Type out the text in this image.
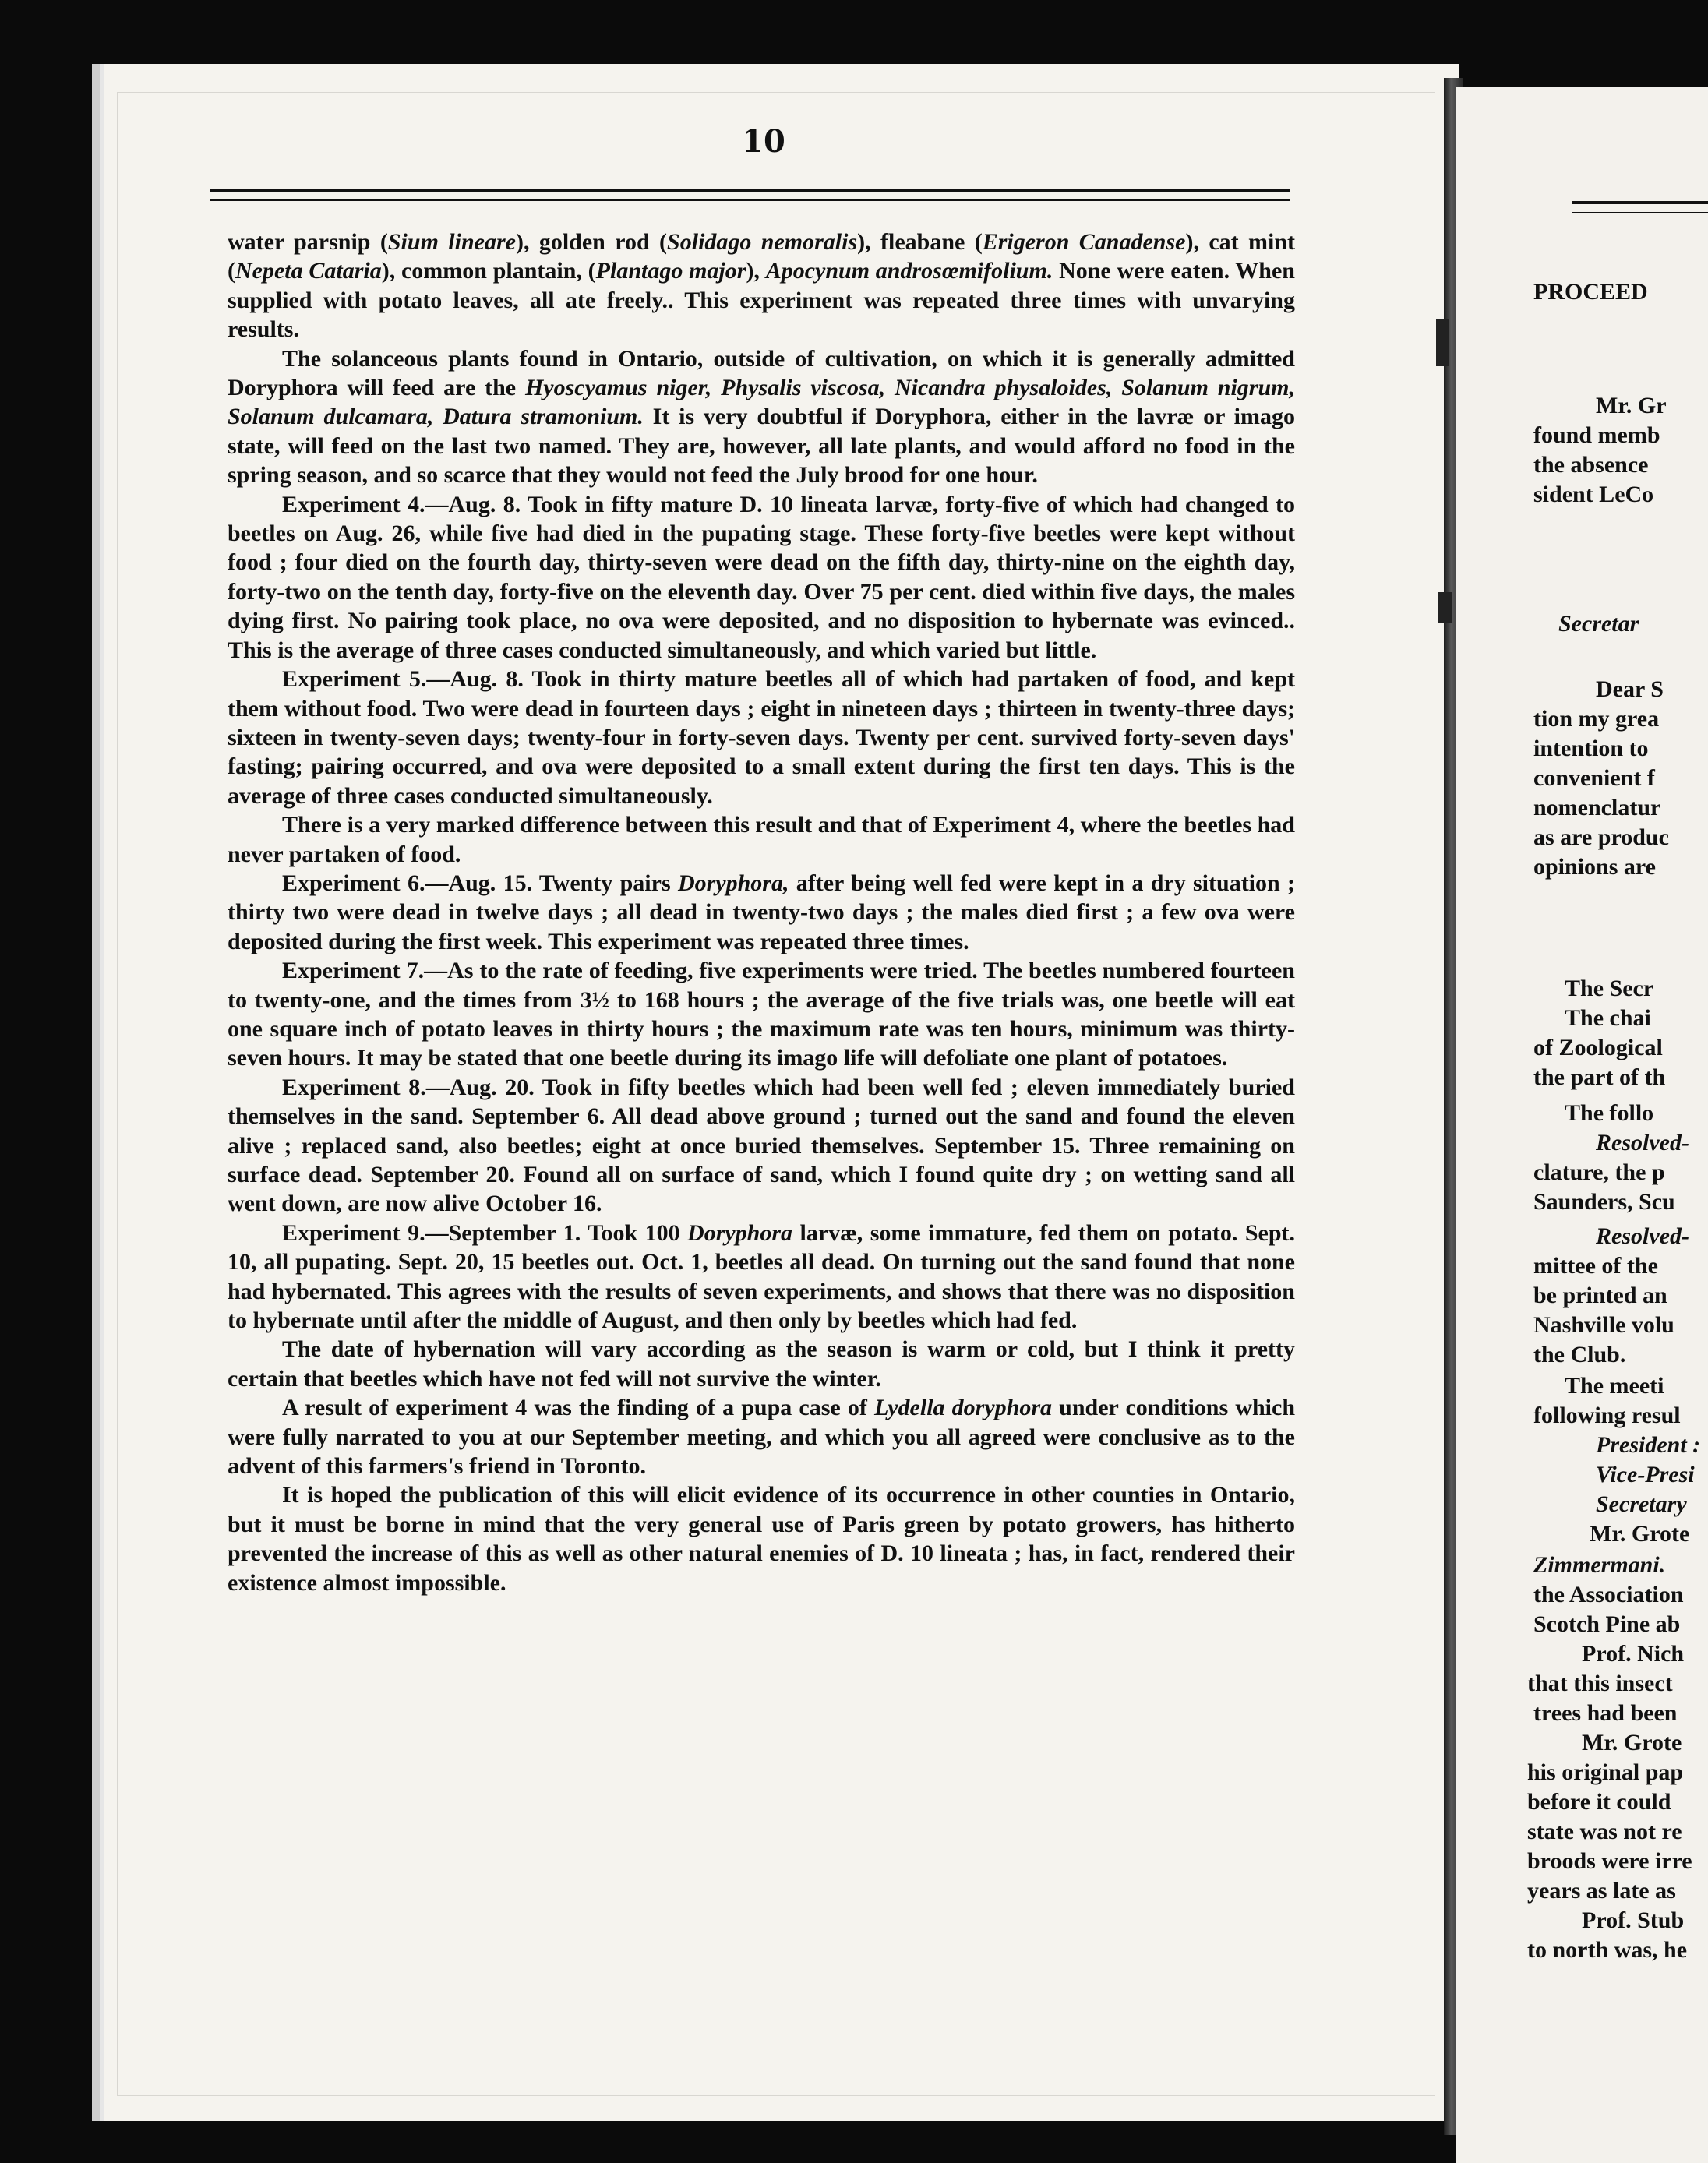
10

water parsnip (Sium lineare), golden rod (Solidago nemoralis), fleabane (Erigeron Canadense), cat mint (Nepeta Cataria), common plantain, (Plantago major), Apocynum androsœmifolium. None were eaten. When supplied with potato leaves, all ate freely.. This experiment was repeated three times with unvarying results.

The solanceous plants found in Ontario, outside of cultivation, on which it is generally admitted Doryphora will feed are the Hyoscyamus niger, Physalis viscosa, Nicandra physaloides, Solanum nigrum, Solanum dulcamara, Datura stramonium. It is very doubtful if Doryphora, either in the lavræ or imago state, will feed on the last two named. They are, however, all late plants, and would afford no food in the spring season, and so scarce that they would not feed the July brood for one hour.

Experiment 4.—Aug. 8. Took in fifty mature D. 10 lineata larvæ, forty-five of which had changed to beetles on Aug. 26, while five had died in the pupating stage. These forty-five beetles were kept without food ; four died on the fourth day, thirty-seven were dead on the fifth day, thirty-nine on the eighth day, forty-two on the tenth day, forty-five on the eleventh day. Over 75 per cent. died within five days, the males dying first. No pairing took place, no ova were deposited, and no disposition to hybernate was evinced.. This is the average of three cases conducted simultaneously, and which varied but little.

Experiment 5.—Aug. 8. Took in thirty mature beetles all of which had partaken of food, and kept them without food. Two were dead in fourteen days ; eight in nineteen days ; thirteen in twenty-three days; sixteen in twenty-seven days; twenty-four in forty-seven days. Twenty per cent. survived forty-seven days' fasting; pairing occurred, and ova were deposited to a small extent during the first ten days. This is the average of three cases conducted simultaneously.

There is a very marked difference between this result and that of Experiment 4, where the beetles had never partaken of food.

Experiment 6.—Aug. 15. Twenty pairs Doryphora, after being well fed were kept in a dry situation ; thirty two were dead in twelve days ; all dead in twenty-two days ; the males died first ; a few ova were deposited during the first week. This experiment was repeated three times.

Experiment 7.—As to the rate of feeding, five experiments were tried. The beetles numbered fourteen to twenty-one, and the times from 3½ to 168 hours ; the average of the five trials was, one beetle will eat one square inch of potato leaves in thirty hours ; the maximum rate was ten hours, minimum was thirty-seven hours. It may be stated that one beetle during its imago life will defoliate one plant of potatoes.

Experiment 8.—Aug. 20. Took in fifty beetles which had been well fed ; eleven immediately buried themselves in the sand. September 6. All dead above ground ; turned out the sand and found the eleven alive ; replaced sand, also beetles; eight at once buried themselves. September 15. Three remaining on surface dead. September 20. Found all on surface of sand, which I found quite dry ; on wetting sand all went down, are now alive October 16.

Experiment 9.—September 1. Took 100 Doryphora larvæ, some immature, fed them on potato. Sept. 10, all pupating. Sept. 20, 15 beetles out. Oct. 1, beetles all dead. On turning out the sand found that none had hybernated. This agrees with the results of seven experiments, and shows that there was no disposition to hybernate until after the middle of August, and then only by beetles which had fed.

The date of hybernation will vary according as the season is warm or cold, but I think it pretty certain that beetles which have not fed will not survive the winter.

A result of experiment 4 was the finding of a pupa case of Lydella doryphora under conditions which were fully narrated to you at our September meeting, and which you all agreed were conclusive as to the advent of this farmers's friend in Toronto.

It is hoped the publication of this will elicit evidence of its occurrence in other counties in Ontario, but it must be borne in mind that the very general use of Paris green by potato growers, has hitherto prevented the increase of this as well as other natural enemies of D. 10 lineata ; has, in fact, rendered their existence almost impossible.

PROCEED
Mr. Gr
found memb
the absence
sident LeCo
Secretar
Dear S
tion my grea
intention to
convenient f
nomenclatur
as are produc
opinions are
The Secr
The chai
of Zoological
the part of th
The follo
Resolved-
clature, the p
Saunders, Scu
Resolved-
mittee of the
be printed an
Nashville volu
the Club.
The meeti
following resul
President :
Vice-Presi
Secretary
Mr. Grote
Zimmermani.
the Association
Scotch Pine ab
Prof. Nich
that this insect
trees had been
Mr. Grote
his original pap
before it could
state was not re
broods were irre
years as late as
Prof. Stub
to north was, he
